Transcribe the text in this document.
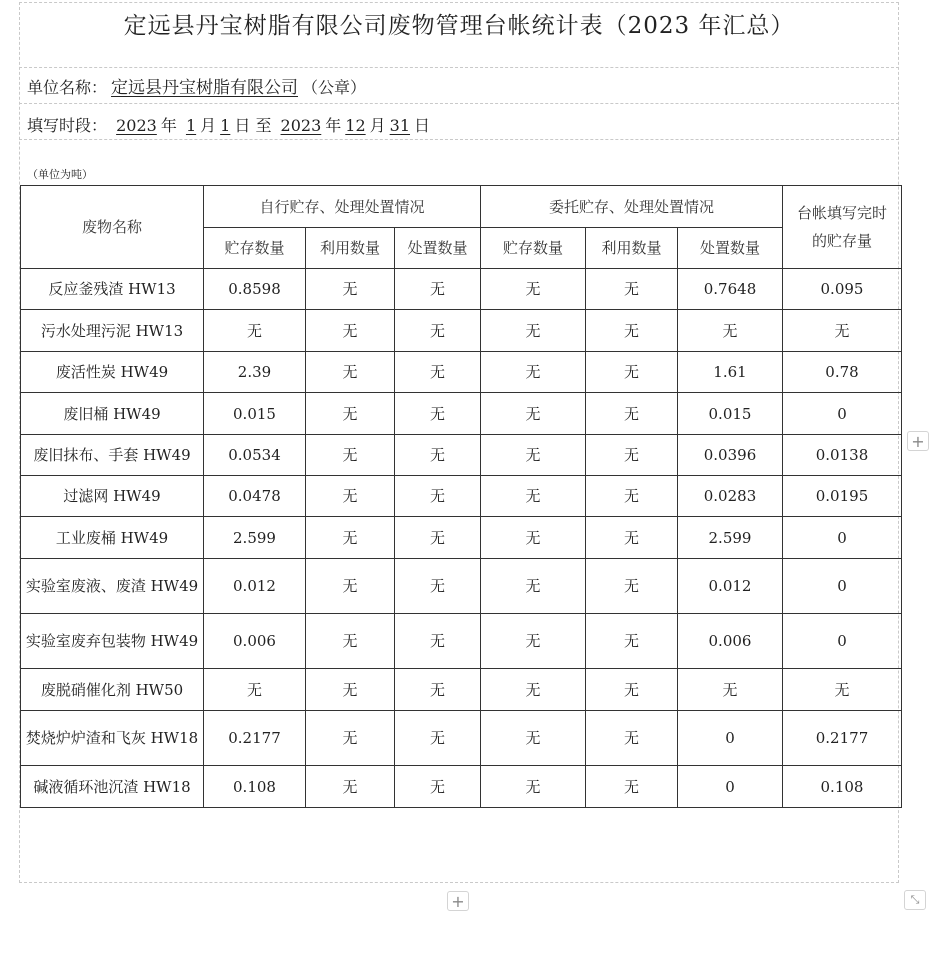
定远县丹宝树脂有限公司废物管理台帐统计表（2023 年汇总）
单位名称： 定远县丹宝树脂有限公司 （公章）
填写时段： 2023 年 1 月 1 日 至 2023 年 12 月 31 日
（单位为吨）
废物名称	自行贮存、处理处置情况			委托贮存、处理处置情况			台帐填写完时的贮存量
	贮存数量	利用数量	处置数量	贮存数量	利用数量	处置数量	
反应釜残渣 HW13	0.8598	无	无	无	无	0.7648	0.095
污水处理污泥 HW13	无	无	无	无	无	无	无
废活性炭 HW49	2.39	无	无	无	无	1.61	0.78
废旧桶 HW49	0.015	无	无	无	无	0.015	0
废旧抹布、手套 HW49	0.0534	无	无	无	无	0.0396	0.0138
过滤网 HW49	0.0478	无	无	无	无	0.0283	0.0195
工业废桶 HW49	2.599	无	无	无	无	2.599	0
实验室废液、废渣 HW49	0.012	无	无	无	无	0.012	0
实验室废弃包装物 HW49	0.006	无	无	无	无	0.006	0
废脱硝催化剂 HW50	无	无	无	无	无	无	无
焚烧炉炉渣和飞灰 HW18	0.2177	无	无	无	无	0	0.2177
碱液循环池沉渣 HW18	0.108	无	无	无	无	0	0.108
+
+	⤡
